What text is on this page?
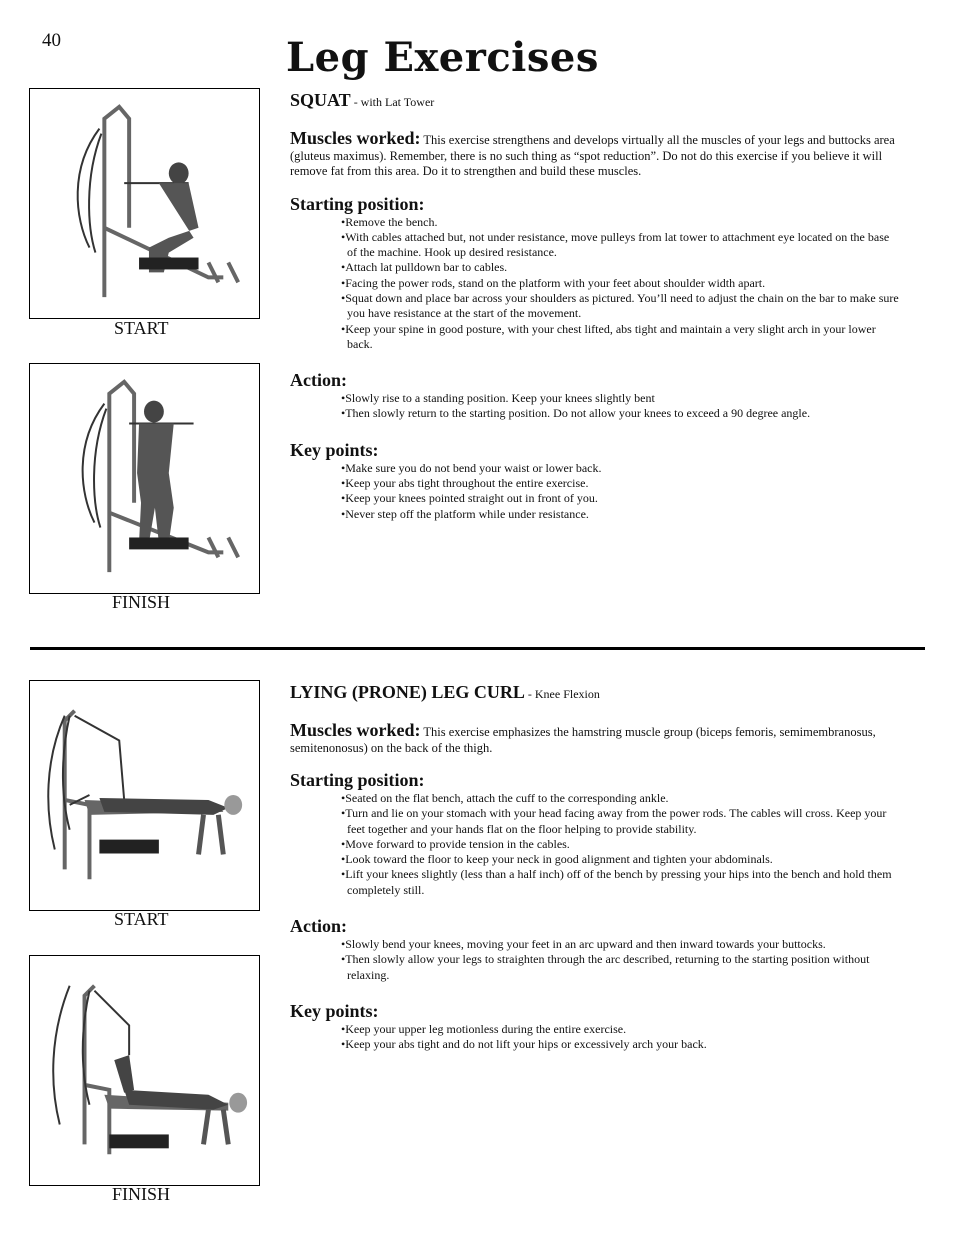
40	Leg Exercises
START
FINISH
SQUAT - with Lat Tower
Muscles worked: This exercise strengthens and develops virtually all the muscles of your legs and buttocks area (gluteus maximus). Remember, there is no such thing as “spot reduction”. Do not do this exercise if you believe it will remove fat from this area. Do it to strengthen and build these muscles.
Starting position:
• Remove the bench.
• With cables attached but, not under resistance, move pulleys from lat tower to attachment eye located on the base of the machine. Hook up desired resistance.
• Attach lat pulldown bar to cables.
• Facing the power rods, stand on the platform with your feet about shoulder width apart.
• Squat down and place bar across your shoulders as pictured. You’ll need to adjust the chain on the bar to make sure you have resistance at the start of the movement.
• Keep your spine in good posture, with your chest lifted, abs tight and maintain a very slight arch in your lower back.
Action:
• Slowly rise to a standing position. Keep your knees slightly bent
• Then slowly return to the starting position. Do not allow your knees to exceed a 90 degree angle.
Key points:
• Make sure you do not bend your waist or lower back.
• Keep your abs tight throughout the entire exercise.
• Keep your knees pointed straight out in front of you.
• Never step off the platform while under resistance.
START
FINISH
LYING (PRONE) LEG CURL - Knee Flexion
Muscles worked: This exercise emphasizes the hamstring muscle group (biceps femoris, semimembranosus, semitenonosus) on the back of the thigh.
Starting position:
• Seated on the flat bench, attach the cuff to the corresponding ankle.
• Turn and lie on your stomach with your head facing away from the power rods. The cables will cross. Keep your feet together and your hands flat on the floor helping to provide stability.
• Move forward to provide tension in the cables.
• Look toward the floor to keep your neck in good alignment and tighten your abdominals.
• Lift your knees slightly (less than a half inch) off of the bench by pressing your hips into the bench and hold them completely still.
Action:
• Slowly bend your knees, moving your feet in an arc upward and then inward towards your buttocks.
• Then slowly allow your legs to straighten through the arc described, returning to the starting position without relaxing.
Key points:
• Keep your upper leg motionless during the entire exercise.
• Keep your abs tight and do not lift your hips or excessively arch your back.
